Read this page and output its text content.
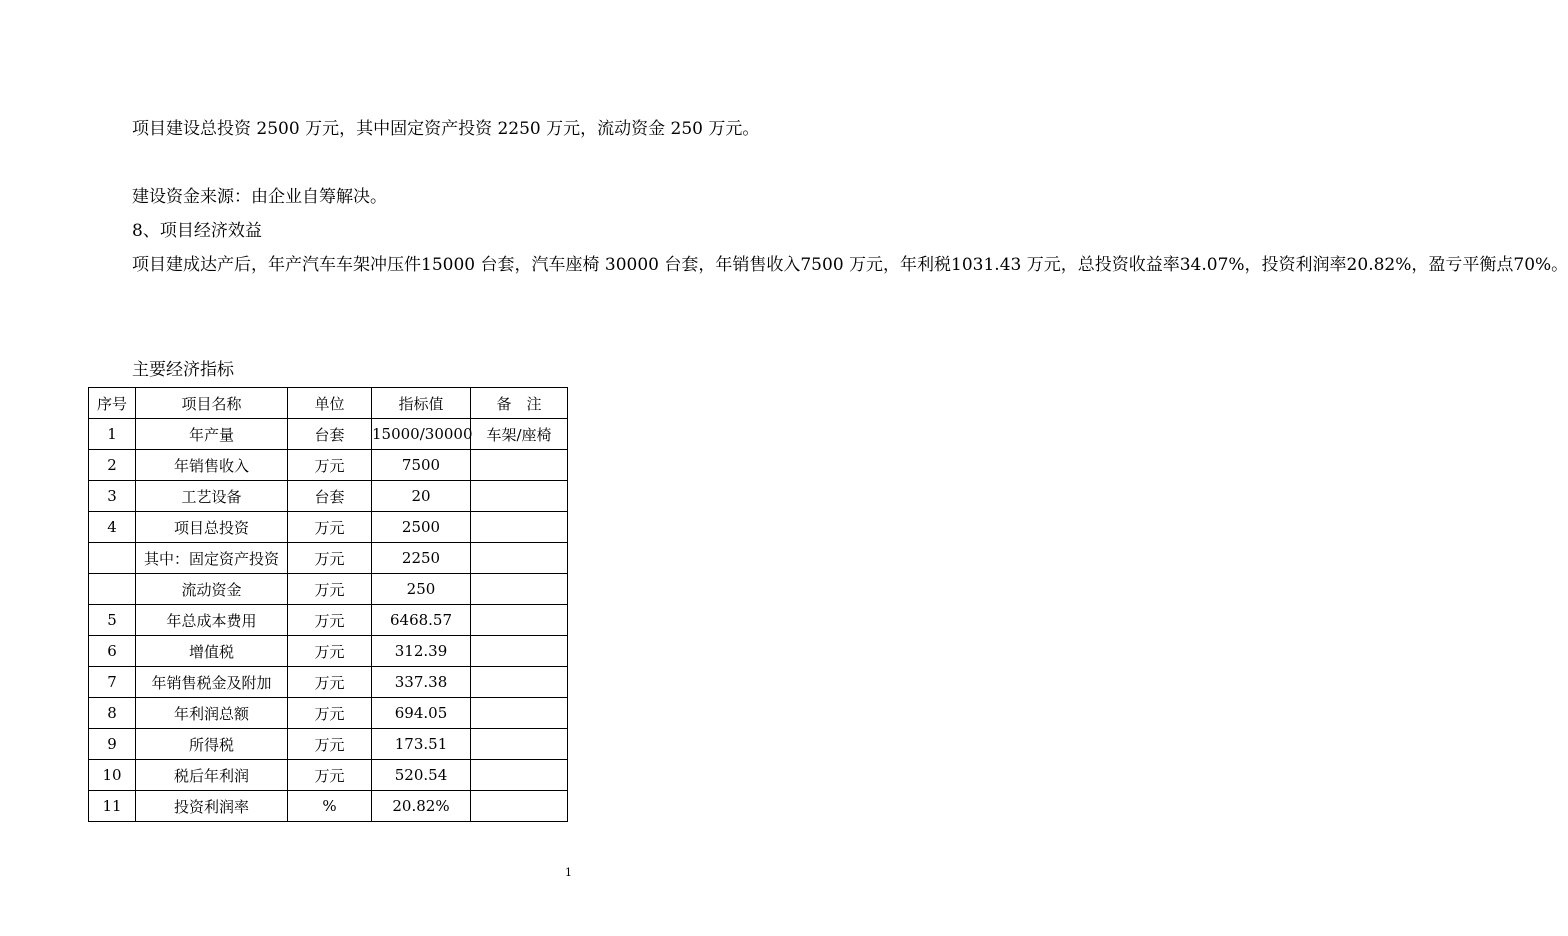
项目建设总投资 2500 万元，其中固定资产投资 2250 万元，流动资金 250 万元。

建设资金来源：由企业自筹解决。

8、项目经济效益

项目建成达产后，年产汽车车架冲压件15000 台套，汽车座椅 30000 台套，年销售收入7500 万元，年利税1031.43 万元，总投资收益率34.07%，投资利润率20.82%，盈亏平衡点70%。

主要经济指标

序号	项目名称	单位	指标值	备　注
1	年产量	台套	15000/30000	车架/座椅
2	年销售收入	万元	7500	
3	工艺设备	台套	20	
4	项目总投资	万元	2500	
	其中：固定资产投资	万元	2250	
	流动资金	万元	250	
5	年总成本费用	万元	6468.57	
6	增值税	万元	312.39	
7	年销售税金及附加	万元	337.38	
8	年利润总额	万元	694.05	
9	所得税	万元	173.51	
10	税后年利润	万元	520.54	
11	投资利润率	%	20.82%	
1
